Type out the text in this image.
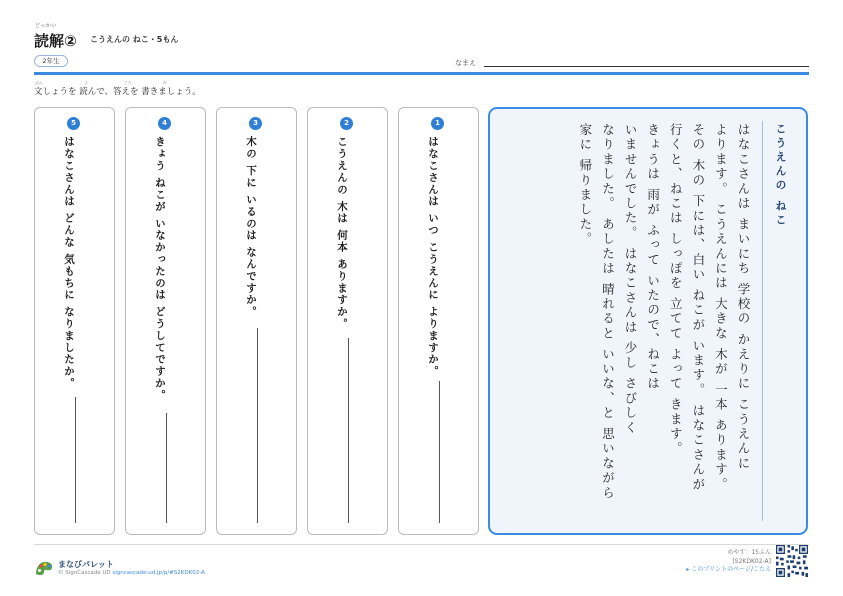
どっかい
読解② こうえんの ねこ・5もん
2年生	なまえ
ぶん	よ	こた	か
文しょうを 読んで、答えを 書きましょう。
1
はなこさんは いつ こうえんに よりますか。
2
こうえんの 木は 何本 ありますか。
3
木の 下に いるのは なんですか。
4
きょう ねこが いなかったのは どうしてですか。
5
はなこさんは どんな 気もちに なりましたか。	こうえんの ねこ

はなこさんは まいにち 学校の かえりに こうえんに

よります。 こうえんには 大きな 木が 一本 あります。

その 木の 下には、白い ねこが います。 はなこさんが

行くと、ねこは しっぽを 立てて よって きます。

きょうは 雨が ふって いたので、ねこは

いませんでした。 はなこさんは 少し さびしく

なりました。 あしたは 晴れると いいな、と 思いながら

家に 帰りました。

まなびパレット
© SignCascade UD signcascade-ud.jp/p/#S2KDK02-A
めやす：15ふん
[S2KDK02-A]
▸ このプリントのページ/こたえ
